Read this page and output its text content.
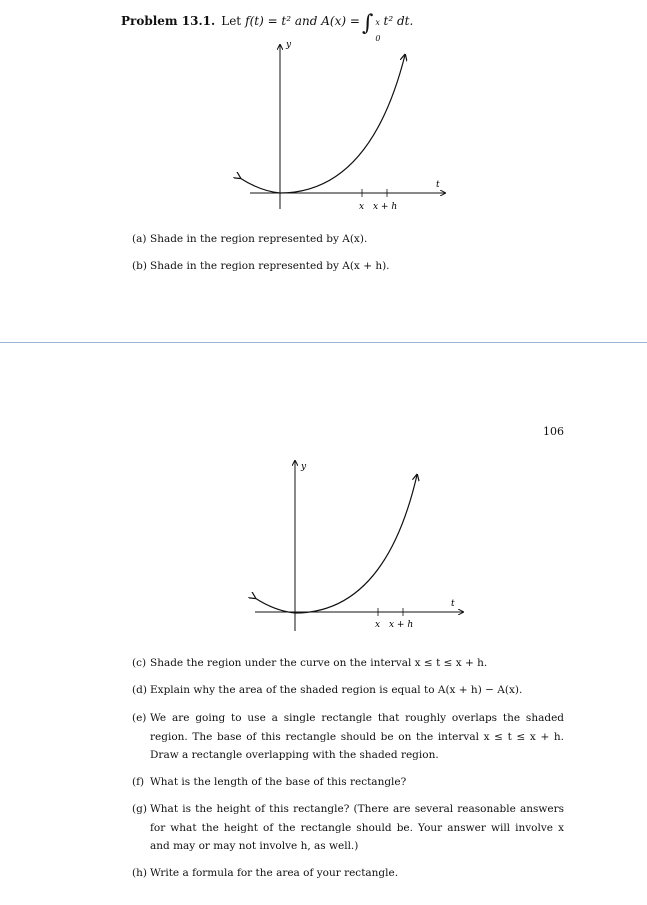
Problem 13.1. Let f(t) = t² and A(x) = ∫ x
0
t² dt.
y
t
x x + h
(a) Shade in the region represented by A(x).
(b) Shade in the region represented by A(x + h).
106
y
t
x x + h
(c) Shade the region under the curve on the interval x ≤ t ≤ x + h.
(d) Explain why the area of the shaded region is equal to A(x + h) − A(x).
(e) We are going to use a single rectangle that roughly overlaps the shaded region. The base of this rectangle should be on the interval x ≤ t ≤ x + h. Draw a rectangle overlapping with the shaded region.
(f) What is the length of the base of this rectangle?
(g) What is the height of this rectangle? (There are several reasonable answers for what the height of the rectangle should be. Your answer will involve x and may or may not involve h, as well.)
(h) Write a formula for the area of your rectangle.
